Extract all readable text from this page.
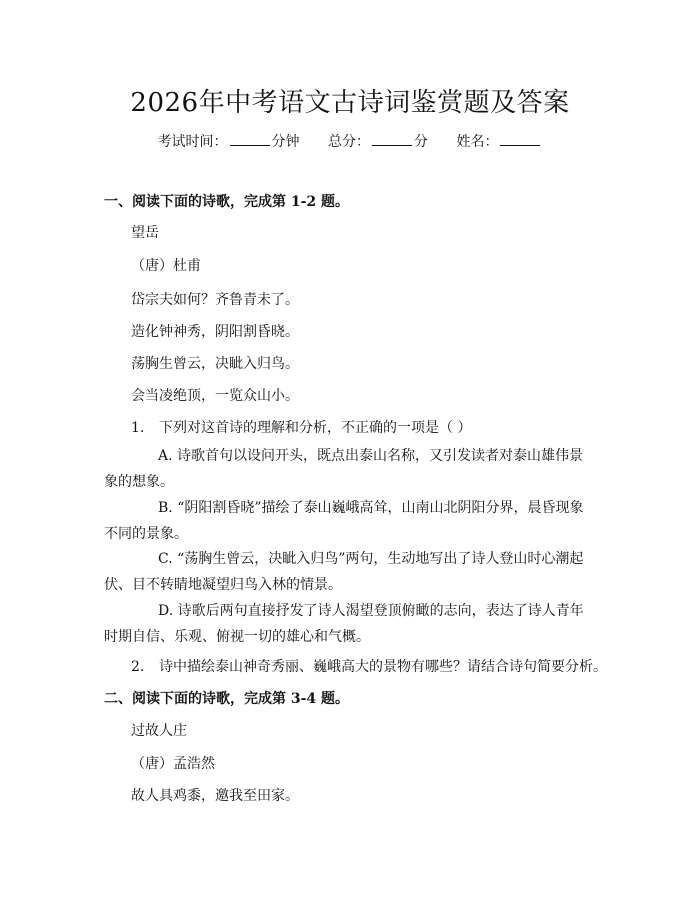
2026年中考语文古诗词鉴赏题及答案
考试时间：	分钟 总分：	分 姓名：
一、阅读下面的诗歌，完成第 1-2 题。
望岳
（唐）杜甫
岱宗夫如何？齐鲁青未了。
造化钟神秀，阴阳割昏晓。
荡胸生曾云，决眦入归鸟。
会当凌绝顶，一览众山小。
1. 下列对这首诗的理解和分析，不正确的一项是（ ）
A. 诗歌首句以设问开头，既点出泰山名称，又引发读者对泰山雄伟景象的想象。
B. “阴阳割昏晓”描绘了泰山巍峨高耸，山南山北阴阳分界，晨昏现象不同的景象。
C. “荡胸生曾云，决眦入归鸟”两句，生动地写出了诗人登山时心潮起伏、目不转睛地凝望归鸟入林的情景。
D. 诗歌后两句直接抒发了诗人渴望登顶俯瞰的志向，表达了诗人青年时期自信、乐观、俯视一切的雄心和气概。
2. 诗中描绘泰山神奇秀丽、巍峨高大的景物有哪些？请结合诗句简要分析。
二、阅读下面的诗歌，完成第 3-4 题。
过故人庄
（唐）孟浩然
故人具鸡黍，邀我至田家。
